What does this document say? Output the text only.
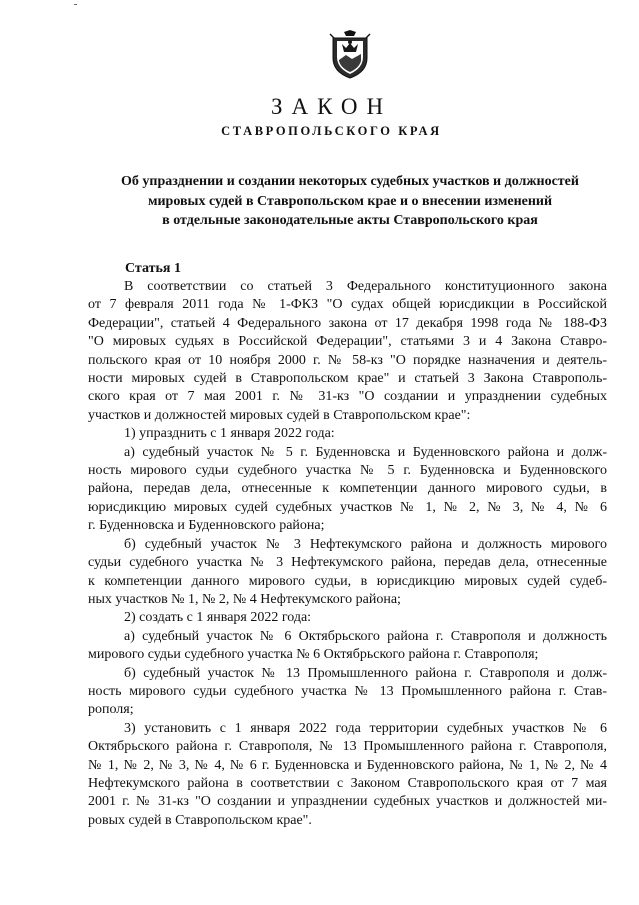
ЗАКОН
СТАВРОПОЛЬСКОГО КРАЯ
Об упразднении и создании некоторых судебных участков и должностей
мировых судей в Ставропольском крае и о внесении изменений
в отдельные законодательные акты Ставропольского края
Статья 1
В соответствии со статьей 3 Федерального конституционного закона
от 7 февраля 2011 года № 1-ФКЗ "О судах общей юрисдикции в Российской
Федерации", статьей 4 Федерального закона от 17 декабря 1998 года № 188-ФЗ
"О мировых судьях в Российской Федерации", статьями 3 и 4 Закона Ставро-
польского края от 10 ноября 2000 г. № 58-кз "О порядке назначения и деятель-
ности мировых судей в Ставропольском крае" и статьей 3 Закона Ставрополь-
ского края от 7 мая 2001 г. № 31-кз "О создании и упразднении судебных
участков и должностей мировых судей в Ставропольском крае":
1) упразднить с 1 января 2022 года:
а) судебный участок № 5 г. Буденновска и Буденновского района и долж-
ность мирового судьи судебного участка № 5 г. Буденновска и Буденновского
района, передав дела, отнесенные к компетенции данного мирового судьи, в
юрисдикцию мировых судей судебных участков № 1, № 2, № 3, № 4, № 6
г. Буденновска и Буденновского района;
б) судебный участок № 3 Нефтекумского района и должность мирового
судьи судебного участка № 3 Нефтекумского района, передав дела, отнесенные
к компетенции данного мирового судьи, в юрисдикцию мировых судей судеб-
ных участков № 1, № 2, № 4 Нефтекумского района;
2) создать с 1 января 2022 года:
а) судебный участок № 6 Октябрьского района г. Ставрополя и должность
мирового судьи судебного участка № 6 Октябрьского района г. Ставрополя;
б) судебный участок № 13 Промышленного района г. Ставрополя и долж-
ность мирового судьи судебного участка № 13 Промышленного района г. Став-
рополя;
3) установить с 1 января 2022 года территории судебных участков № 6
Октябрьского района г. Ставрополя, № 13 Промышленного района г. Ставрополя,
№ 1, № 2, № 3, № 4, № 6 г. Буденновска и Буденновского района, № 1, № 2, № 4
Нефтекумского района в соответствии с Законом Ставропольского края от 7 мая
2001 г. № 31-кз "О создании и упразднении судебных участков и должностей ми-
ровых судей в Ставропольском крае".
